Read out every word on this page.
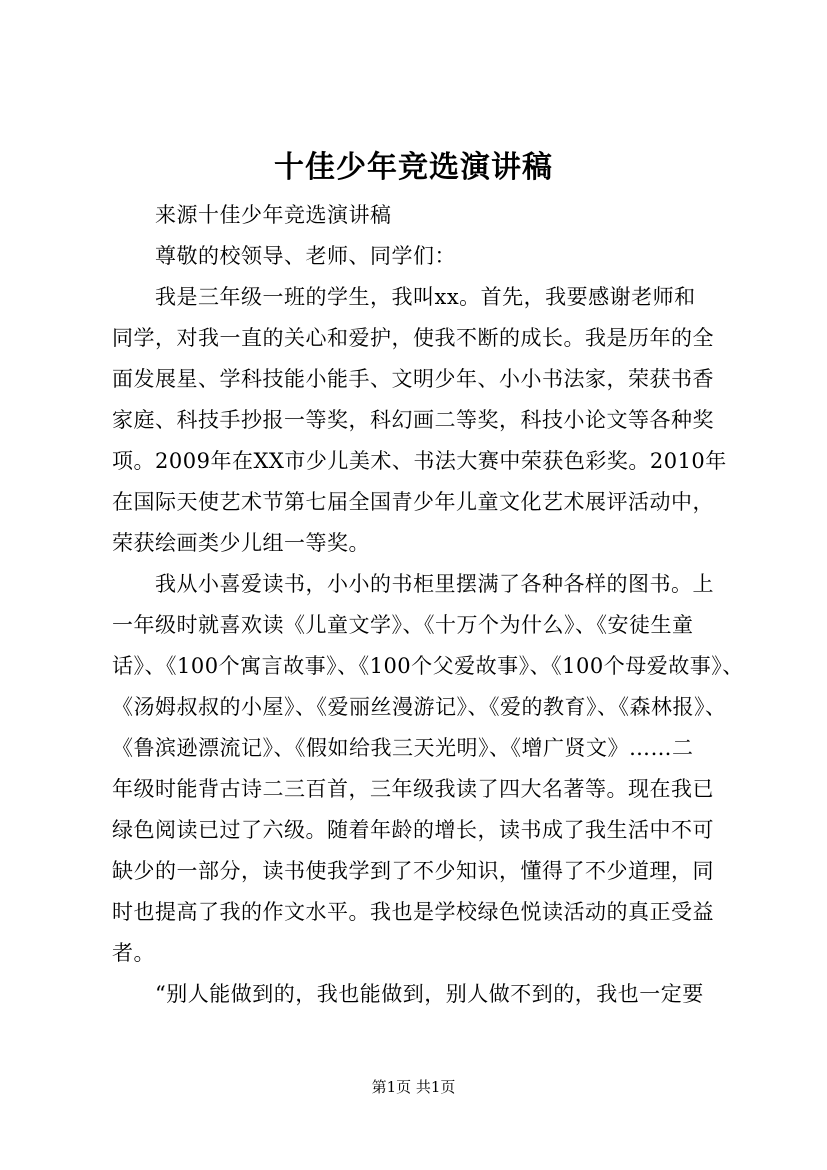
十佳少年竞选演讲稿
　　来源十佳少年竞选演讲稿
　　尊敬的校领导、老师、同学们：
　　我是三年级一班的学生，我叫xx。首先，我要感谢老师和
同学，对我一直的关心和爱护，使我不断的成长。我是历年的全
面发展星、学科技能小能手、文明少年、小小书法家，荣获书香
家庭、科技手抄报一等奖，科幻画二等奖，科技小论文等各种奖
项。2009年在XX市少儿美术、书法大赛中荣获色彩奖。2010年
在国际天使艺术节第七届全国青少年儿童文化艺术展评活动中，
荣获绘画类少儿组一等奖。
　　我从小喜爱读书，小小的书柜里摆满了各种各样的图书。上
一年级时就喜欢读《儿童文学》、《十万个为什么》、《安徒生童
话》、《100个寓言故事》、《100个父爱故事》、《100个母爱故事》、
《汤姆叔叔的小屋》、《爱丽丝漫游记》、《爱的教育》、《森林报》、
《鲁滨逊漂流记》、《假如给我三天光明》、《增广贤文》……二
年级时能背古诗二三百首，三年级我读了四大名著等。现在我已
绿色阅读已过了六级。随着年龄的增长，读书成了我生活中不可
缺少的一部分，读书使我学到了不少知识，懂得了不少道理，同
时也提高了我的作文水平。我也是学校绿色悦读活动的真正受益
者。
　　“别人能做到的，我也能做到，别人做不到的，我也一定要
第1页 共1页
